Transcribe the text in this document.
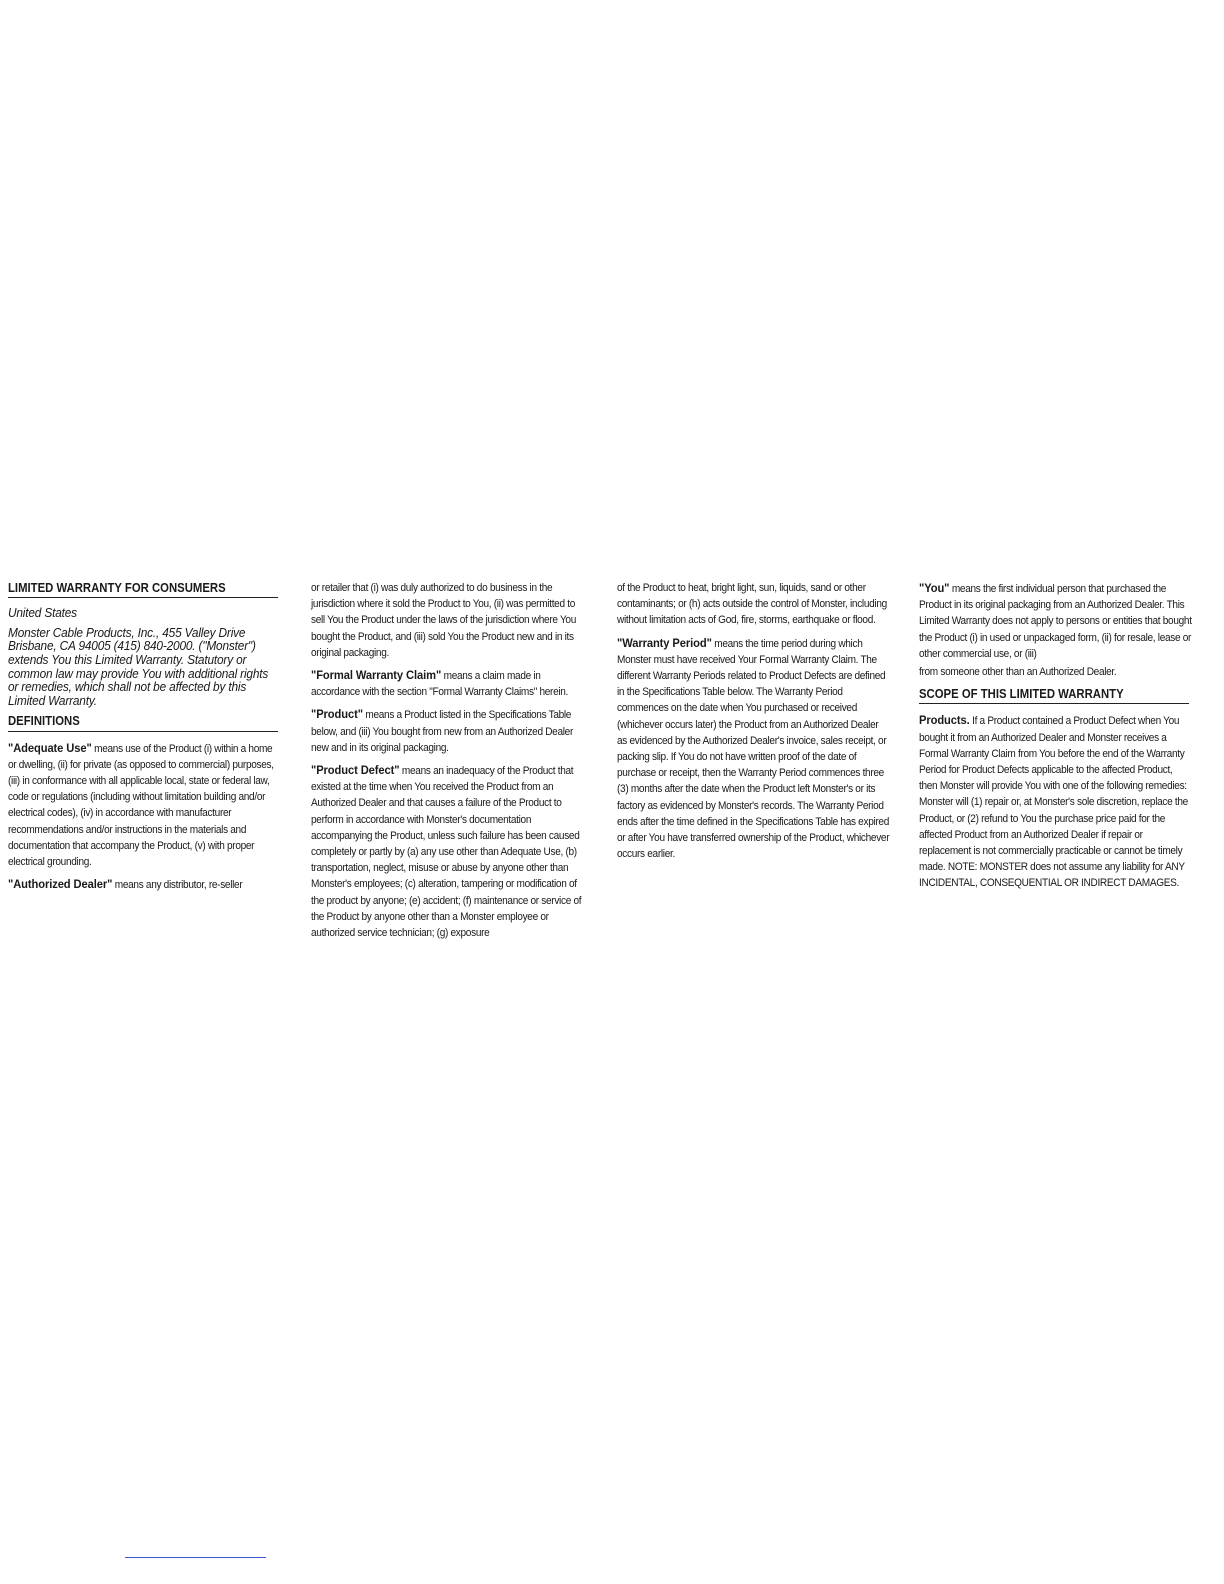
LIMITED WARRANTY FOR CONSUMERS
United States
Monster Cable Products, Inc., 455 Valley Drive Brisbane, CA 94005 (415) 840-2000. ("Monster") extends You this Limited Warranty. Statutory or common law may provide You with additional rights or remedies, which shall not be affected by this Limited Warranty.
DEFINITIONS

"Adequate Use" means use of the Product (i) within a home or dwelling, (ii) for private (as opposed to commercial) purposes, (iii) in conformance with all applicable local, state or federal law, code or regulations (including without limitation building and/or electrical codes), (iv) in accordance with manufacturer recommendations and/or instructions in the materials and documentation that accompany the Product, (v) with proper electrical grounding.

"Authorized Dealer" means any distributor, re-seller

or retailer that (i) was duly authorized to do business in the jurisdiction where it sold the Product to You, (ii) was permitted to sell You the Product under the laws of the jurisdiction where You bought the Product, and (iii) sold You the Product new and in its original packaging.

"Formal Warranty Claim" means a claim made in accordance with the section "Formal Warranty Claims" herein.

"Product" means a Product listed in the Specifications Table below, and (iii) You bought from new from an Authorized Dealer new and in its original packaging.

"Product Defect" means an inadequacy of the Product that existed at the time when You received the Product from an Authorized Dealer and that causes a failure of the Product to perform in accordance with Monster's documentation accompanying the Product, unless such failure has been caused completely or partly by (a) any use other than Adequate Use, (b) transportation, neglect, misuse or abuse by anyone other than Monster's employees; (c) alteration, tampering or modification of the product by anyone; (e) accident; (f) maintenance or service of the Product by anyone other than a Monster employee or authorized service technician; (g) exposure

of the Product to heat, bright light, sun, liquids, sand or other contaminants; or (h) acts outside the control of Monster, including without limitation acts of God, fire, storms, earthquake or flood.

"Warranty Period" means the time period during which Monster must have received Your Formal Warranty Claim. The different Warranty Periods related to Product Defects are defined in the Specifications Table below. The Warranty Period commences on the date when You purchased or received (whichever occurs later) the Product from an Authorized Dealer as evidenced by the Authorized Dealer's invoice, sales receipt, or packing slip. If You do not have written proof of the date of purchase or receipt, then the Warranty Period commences three (3) months after the date when the Product left Monster's or its factory as evidenced by Monster's records. The Warranty Period ends after the time defined in the Specifications Table has expired or after You have transferred ownership of the Product, whichever occurs earlier.

"You" means the first individual person that purchased the Product in its original packaging from an Authorized Dealer. This Limited Warranty does not apply to persons or entities that bought the Product (i) in used or unpackaged form, (ii) for resale, lease or other commercial use, or (iii)

from someone other than an Authorized Dealer.

SCOPE OF THIS LIMITED WARRANTY

Products. If a Product contained a Product Defect when You bought it from an Authorized Dealer and Monster receives a Formal Warranty Claim from You before the end of the Warranty Period for Product Defects applicable to the affected Product, then Monster will provide You with one of the following remedies: Monster will (1) repair or, at Monster's sole discretion, replace the Product, or (2) refund to You the purchase price paid for the affected Product from an Authorized Dealer if repair or replacement is not commercially practicable or cannot be timely made. NOTE: MONSTER does not assume any liability for ANY INCIDENTAL, CONSEQUENTIAL OR INDIRECT DAMAGES.
